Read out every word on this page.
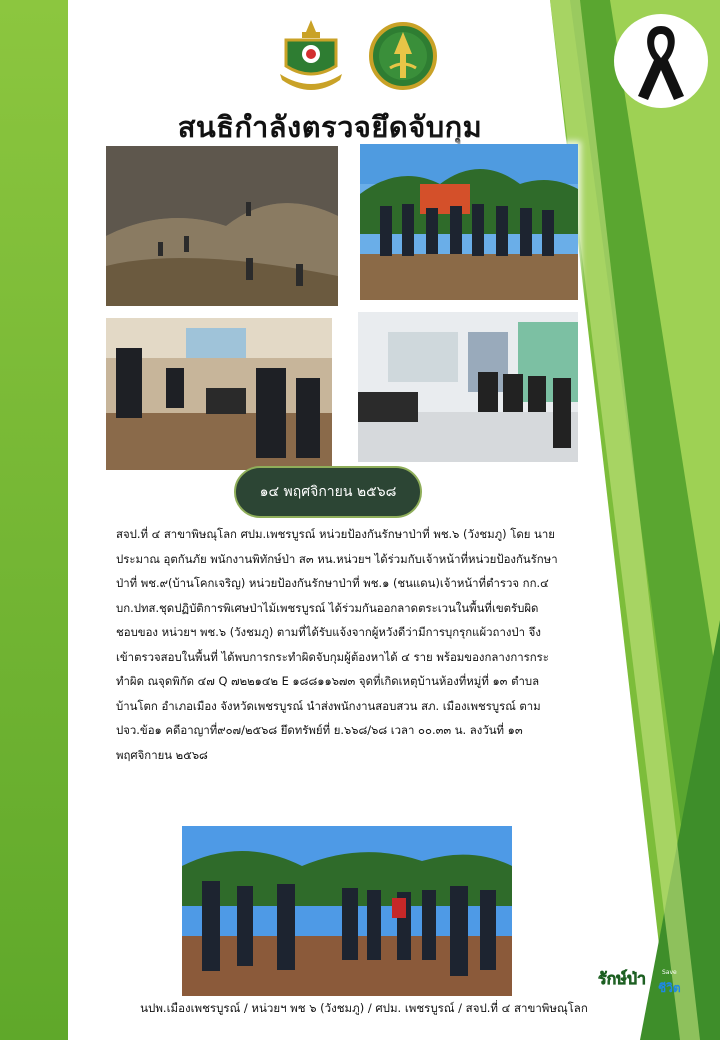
สนธิกำลังตรวจยึดจับกุม
๑๔ พฤศจิกายน ๒๕๖๘

สจป.ที่ ๔ สาขาพิษณุโลก ศปม.เพชรบูรณ์ หน่วยป้องกันรักษาป่าที่ พช.๖ (วังชมภู) โดย นายประมาณ อุตกันภัย พนักงานพิทักษ์ป่า ส๓ หน.หน่วยฯ ได้ร่วมกับเจ้าหน้าที่หน่วยป้องกันรักษาป่าที่ พช.๙(บ้านโคกเจริญ) หน่วยป้องกันรักษาป่าที่ พช.๑ (ชนแดน)เจ้าหน้าที่ตำรวจ กก.๔ บก.ปทส.ชุดปฏิบัติการพิเศษป่าไม้เพชรบูรณ์ ได้ร่วมกันออกลาดตระเวนในพื้นที่เขตรับผิดชอบของ หน่วยฯ พช.๖ (วังชมภู) ตามที่ได้รับแจ้งจากผู้หวังดีว่ามีการบุกรุกแผ้วถางป่า จึงเข้าตรวจสอบในพื้นที่ ได้พบการกระทำผิดจับกุมผู้ต้องหาได้ ๔ ราย พร้อมของกลางการกระทำผิด ณจุดพิกัด ๔๗ Q ๗๒๒๑๔๒ E ๑๘๘๑๑๖๗๓ จุดที่เกิดเหตุบ้านห้องที่หมู่ที่ ๑๓ ตำบลบ้านโตก อำเภอเมือง จังหวัดเพชรบูรณ์ นำส่งพนักงานสอบสวน สภ. เมืองเพชรบูรณ์ ตาม ปจว.ข้อ๑ คดีอาญาที่๙๐๗/๒๕๖๘ ยึดทรัพย์ที่ ย.๖๖๘/๖๘ เวลา ๐๐.๓๓ น. ลงวันที่ ๑๓ พฤศจิกายน ๒๕๖๘

นปพ.เมืองเพชรบูรณ์ / หน่วยฯ พช ๖ (วังชมภู) / ศปม. เพชรบูรณ์ / สจป.ที่ ๔ สาขาพิษณุโลก
รักษ์ป่า	Save
รักษาโลกร้อน ชีวิต
